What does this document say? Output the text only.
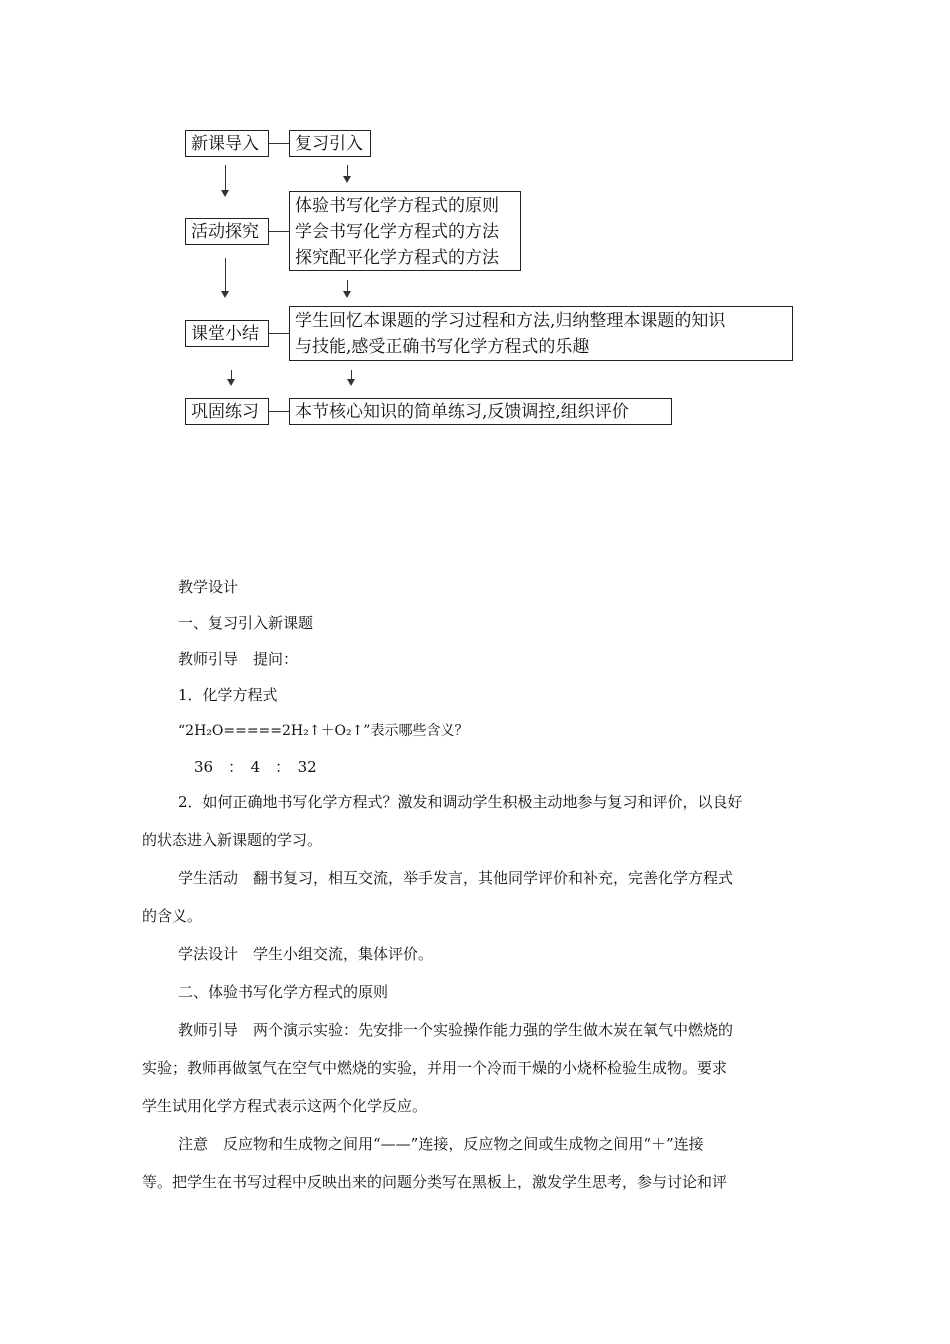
新课导入	复习引入
活动探究
体验书写化学方程式的原则
学会书写化学方程式的方法
探究配平化学方程式的方法
课堂小结
学生回忆本课题的学习过程和方法,归纳整理本课题的知识
与技能,感受正确书写化学方程式的乐趣
巩固练习	本节核心知识的简单练习,反馈调控,组织评价
教学设计
一、复习引入新课题
教师引导　提问：
1．化学方程式
“2H₂O=====2H₂↑＋O₂↑”表示哪些含义？
36　：　4　：　32
2．如何正确地书写化学方程式？激发和调动学生积极主动地参与复习和评价，以良好
的状态进入新课题的学习。
学生活动　翻书复习，相互交流，举手发言，其他同学评价和补充，完善化学方程式
的含义。
学法设计　学生小组交流，集体评价。
二、体验书写化学方程式的原则
教师引导　两个演示实验：先安排一个实验操作能力强的学生做木炭在氧气中燃烧的
实验；教师再做氢气在空气中燃烧的实验，并用一个冷而干燥的小烧杯检验生成物。要求
学生试用化学方程式表示这两个化学反应。
注意　反应物和生成物之间用“——”连接，反应物之间或生成物之间用“＋”连接
等。把学生在书写过程中反映出来的问题分类写在黑板上，激发学生思考，参与讨论和评
